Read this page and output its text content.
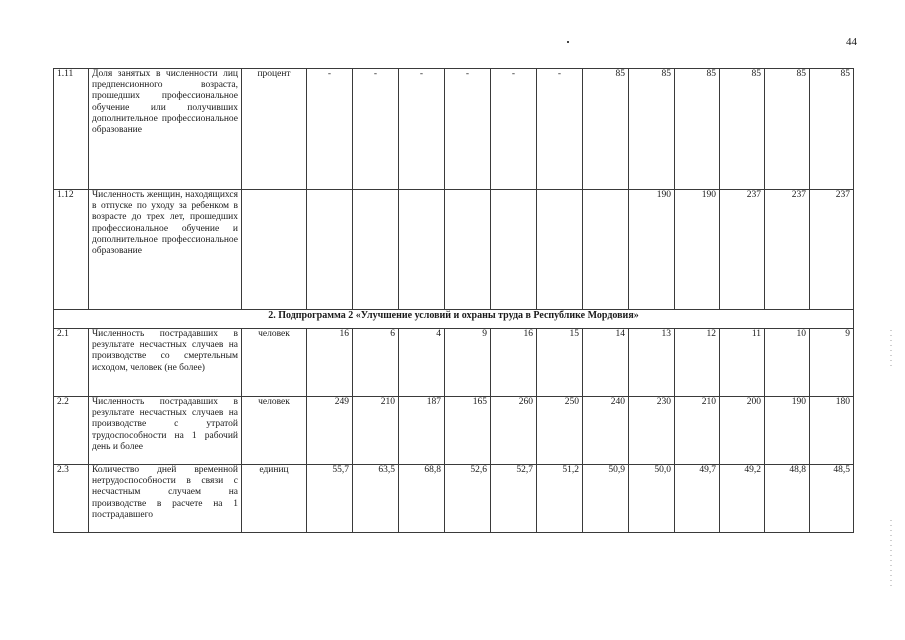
44
1.11	Доля занятых в численности лиц предпенсионного возраста, прошедших профессиональное обучение или получивших дополнительное профессиональное образование	процент	-	-	-	-	-	-	85	85	85	85	85	85
1.12	Численность женщин, находящихся в отпуске по уходу за ребенком в возрасте до трех лет, прошедших профессиональное обучение и дополнительное профессиональное образование									190	190	237	237	237
2. Подпрограмма 2 «Улучшение условий и охраны труда в Республике Мордовия»														
2.1	Численность пострадавших в результате несчастных случаев на производстве со смертельным исходом, человек (не более)	человек	16	6	4	9	16	15	14	13	12	11	10	9
2.2	Численность пострадавших в результате несчастных случаев на производстве с утратой трудоспособности на 1 рабочий день и более	человек	249	210	187	165	260	250	240	230	210	200	190	180
2.3	Количество дней временной нетрудоспособности в связи с несчастным случаем на производстве в расчете на 1 пострадавшего	единиц	55,7	63,5	68,8	52,6	52,7	51,2	50,9	50,0	49,7	49,2	48,8	48,5
